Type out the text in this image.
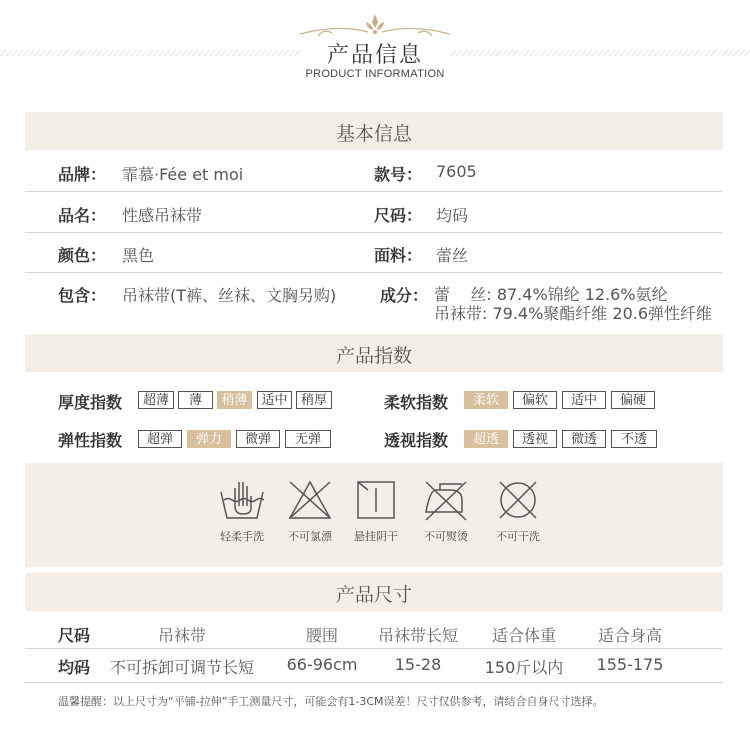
产品信息
PRODUCT INFORMATION
基本信息
品牌： 霏慕·Fée et moi	款号： 7605
品名： 性感吊袜带	尺码： 均码
颜色： 黑色	面料： 蕾丝
包含： 吊袜带(T裤、丝袜、文胸另购)	成分： 蕾    丝: 87.4%锦纶 12.6%氨纶
吊袜带: 79.4%聚酯纤维 20.6弹性纤维
产品指数
厚度指数	超薄	薄	稍薄	适中	稍厚	柔软指数	柔软	偏软	适中	偏硬
弹性指数	超弹	弹力	微弹	无弹	透视指数	超透	透视	微透	不透
轻柔手洗	不可氯漂	悬挂阴干	不可熨烫	不可干洗
产品尺寸
尺码	吊袜带	腰围	吊袜带长短	适合体重	适合身高
均码	不可拆卸可调节长短	66-96cm	15-28	150斤以内	155-175
温馨提醒：以上尺寸为“平铺-拉伸”手工测量尺寸，可能会有1-3CM误差！尺寸仅供参考，请结合自身尺寸选择。
